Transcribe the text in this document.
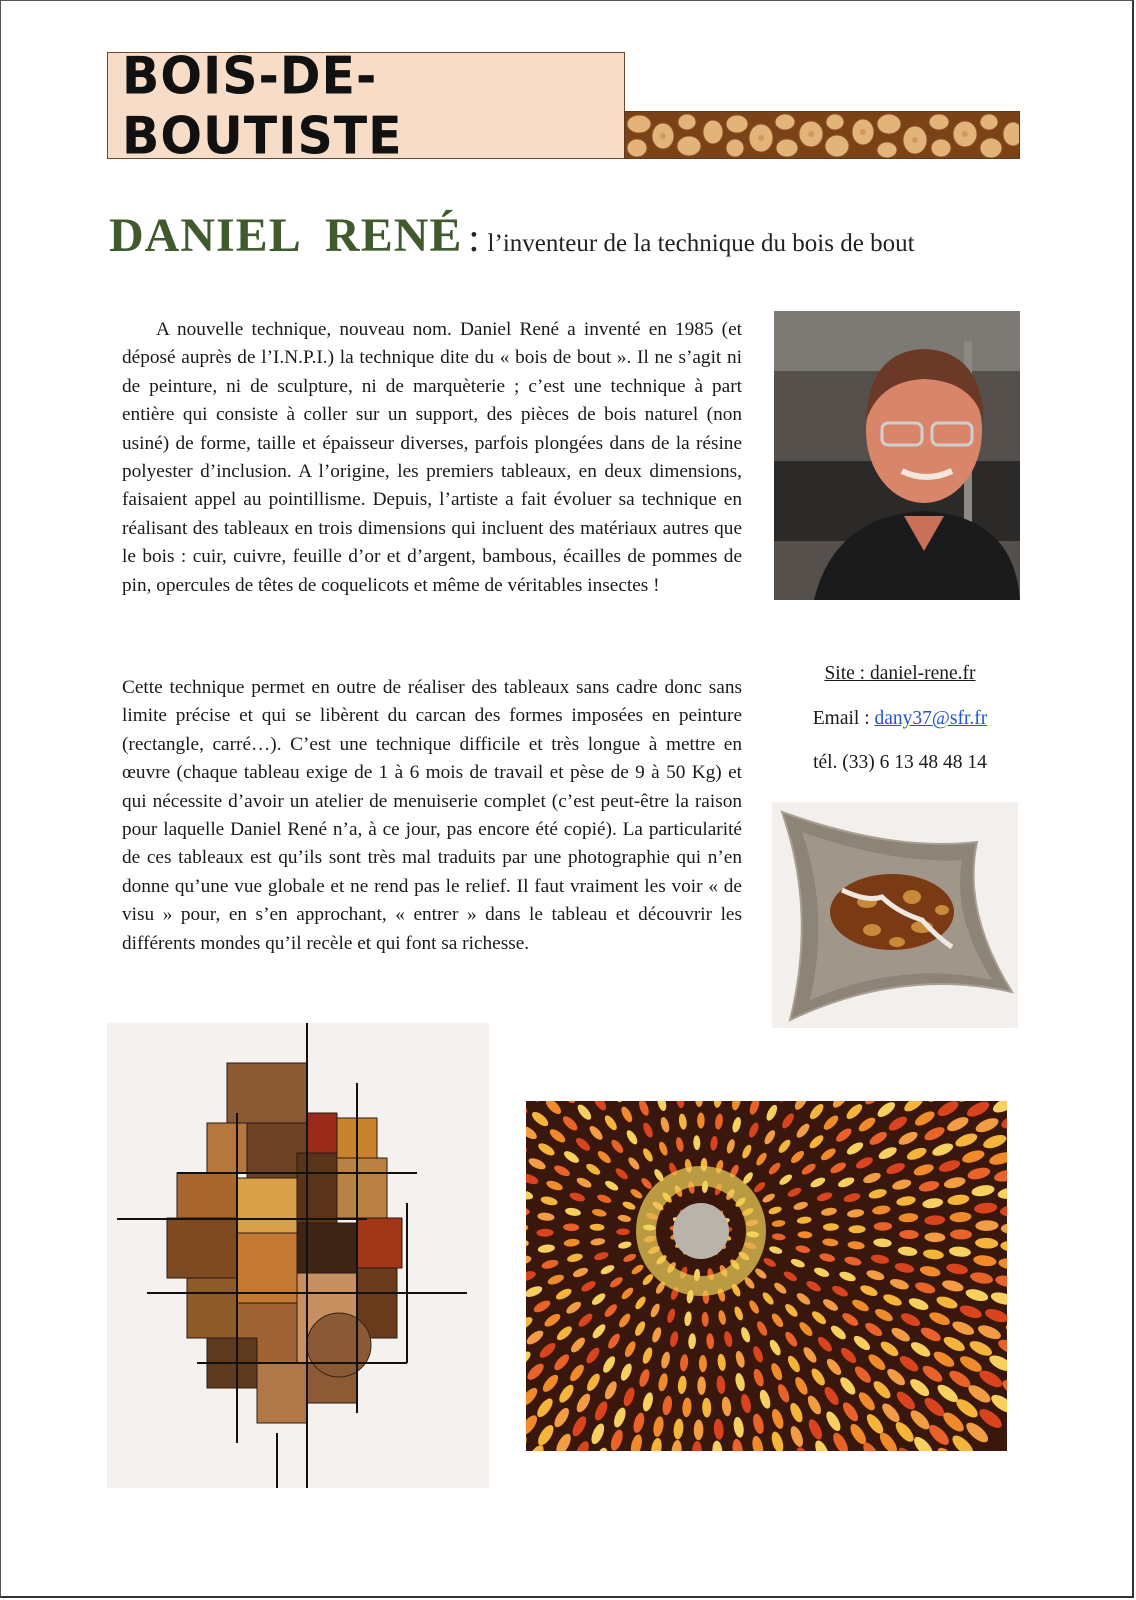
BOIS-DE-BOUTISTE
DANIEL  RENÉ : l’inventeur de la technique du bois de bout

A nouvelle technique, nouveau nom. Daniel René a inventé en 1985 (et déposé auprès de l’I.N.P.I.) la technique dite du « bois de bout ». Il ne s’agit ni de peinture, ni de sculpture, ni de marquèterie ; c’est une technique à part entière qui consiste à coller sur un support, des pièces de bois naturel (non usiné) de forme, taille et épaisseur diverses, parfois plongées dans de la résine polyester d’inclusion. A l’origine, les premiers tableaux, en deux dimensions, faisaient appel au pointillisme. Depuis, l’artiste a fait évoluer sa technique en réalisant des tableaux en trois dimensions qui incluent des matériaux autres que le bois : cuir, cuivre, feuille d’or et d’argent, bambous, écailles de pommes de pin, opercules de têtes de coquelicots et même de véritables insectes !

Cette technique permet en outre de réaliser des tableaux sans cadre donc sans limite précise et qui se libèrent du carcan des formes imposées en peinture (rectangle, carré…). C’est une technique difficile et très longue à mettre en œuvre (chaque tableau exige de 1 à 6 mois de travail et pèse de 9 à 50 Kg) et qui nécessite d’avoir un atelier de menuiserie complet (c’est peut-être la raison pour laquelle Daniel René n’a, à ce jour, pas encore été copié). La particularité de ces tableaux est qu’ils sont très mal traduits par une photographie qui n’en donne qu’une vue globale et ne rend pas le relief. Il faut vraiment les voir « de visu » pour, en s’en approchant, « entrer » dans le tableau et découvrir les différents mondes qu’il recèle et qui font sa richesse.

Site : daniel-rene.fr
Email : dany37@sfr.fr
tél. (33) 6 13 48 48 14
